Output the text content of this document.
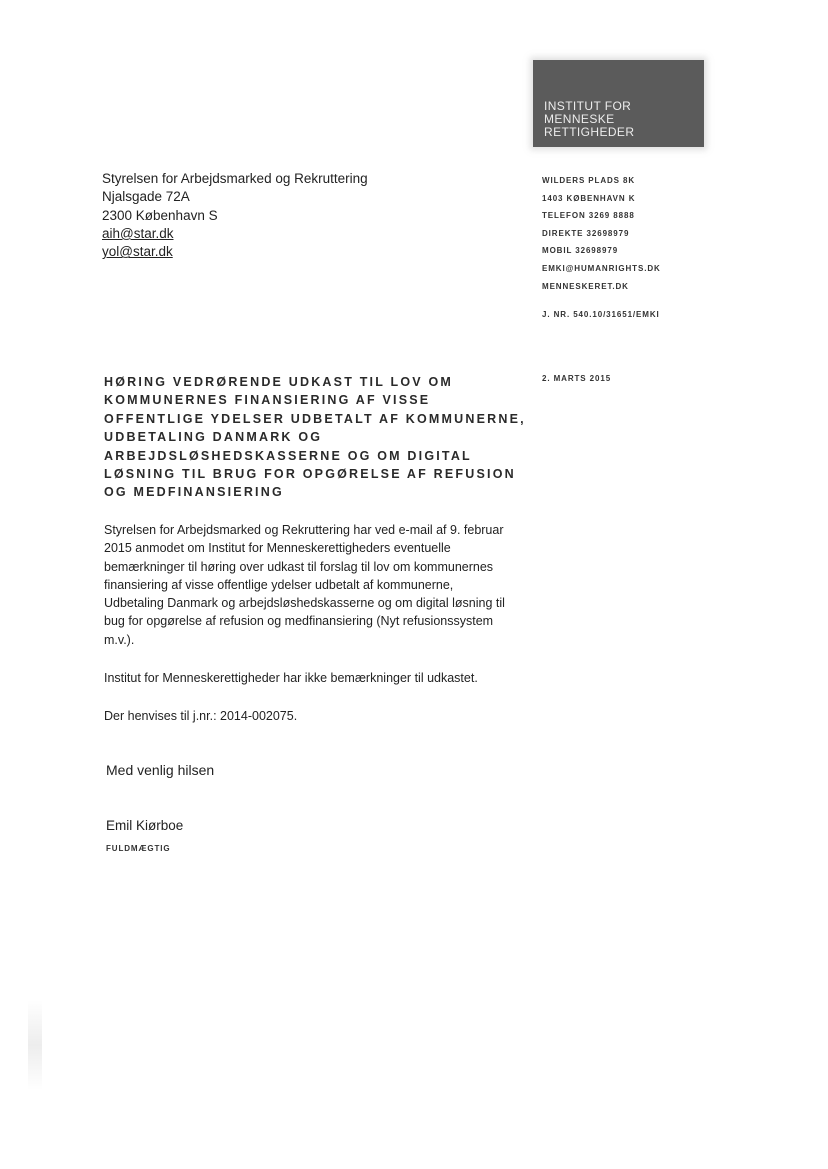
INSTITUT FOR
MENNESKE
RETTIGHEDER
Styrelsen for Arbejdsmarked og Rekruttering
Njalsgade 72A
2300 København S
aih@star.dk
yol@star.dk
WILDERS PLADS 8K
1403 KØBENHAVN K
TELEFON 3269 8888
DIREKTE 32698979
MOBIL 32698979
EMKI@HUMANRIGHTS.DK
MENNESKERET.DK
J. NR. 540.10/31651/EMKI
2. MARTS 2015
HØRING VEDRØRENDE UDKAST TIL LOV OM
KOMMUNERNES FINANSIERING AF VISSE
OFFENTLIGE YDELSER UDBETALT AF KOMMUNERNE,
UDBETALING DANMARK OG
ARBEJDSLØSHEDSKASSERNE OG OM DIGITAL
LØSNING TIL BRUG FOR OPGØRELSE AF REFUSION
OG MEDFINANSIERING
Styrelsen for Arbejdsmarked og Rekruttering har ved e-mail af 9. februar
2015 anmodet om Institut for Menneskerettigheders eventuelle
bemærkninger til høring over udkast til forslag til lov om kommunernes
finansiering af visse offentlige ydelser udbetalt af kommunerne,
Udbetaling Danmark og arbejdsløshedskasserne og om digital løsning til
bug for opgørelse af refusion og medfinansiering (Nyt refusionssystem
m.v.).
Institut for Menneskerettigheder har ikke bemærkninger til udkastet.
Der henvises til j.nr.: 2014-002075.
Med venlig hilsen
Emil Kiørboe
FULDMÆGTIG
